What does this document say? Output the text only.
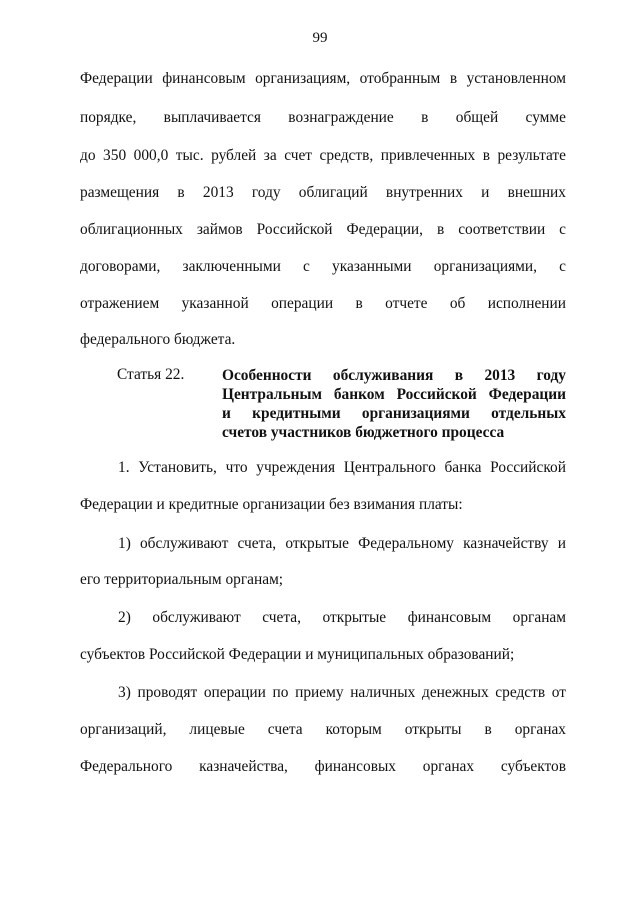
99
Федерации финансовым организациям, отобранным в установленном
порядке, выплачивается вознаграждение в общей сумме
до 350 000,0 тыс. рублей за счет средств, привлеченных в результате
размещения в 2013 году облигаций внутренних и внешних
облигационных займов Российской Федерации, в соответствии с
договорами, заключенными с указанными организациями, с
отражением указанной операции в отчете об исполнении
федерального бюджета.
Статья 22. Особенности обслуживания в 2013 году
Центральным банком Российской Федерации
и кредитными организациями отдельных
счетов участников бюджетного процесса
1. Установить, что учреждения Центрального банка Российской
Федерации и кредитные организации без взимания платы:
1) обслуживают счета, открытые Федеральному казначейству и
его территориальным органам;
2) обслуживают счета, открытые финансовым органам
субъектов Российской Федерации и муниципальных образований;
3) проводят операции по приему наличных денежных средств от
организаций, лицевые счета которым открыты в органах
Федерального казначейства, финансовых органах субъектов
